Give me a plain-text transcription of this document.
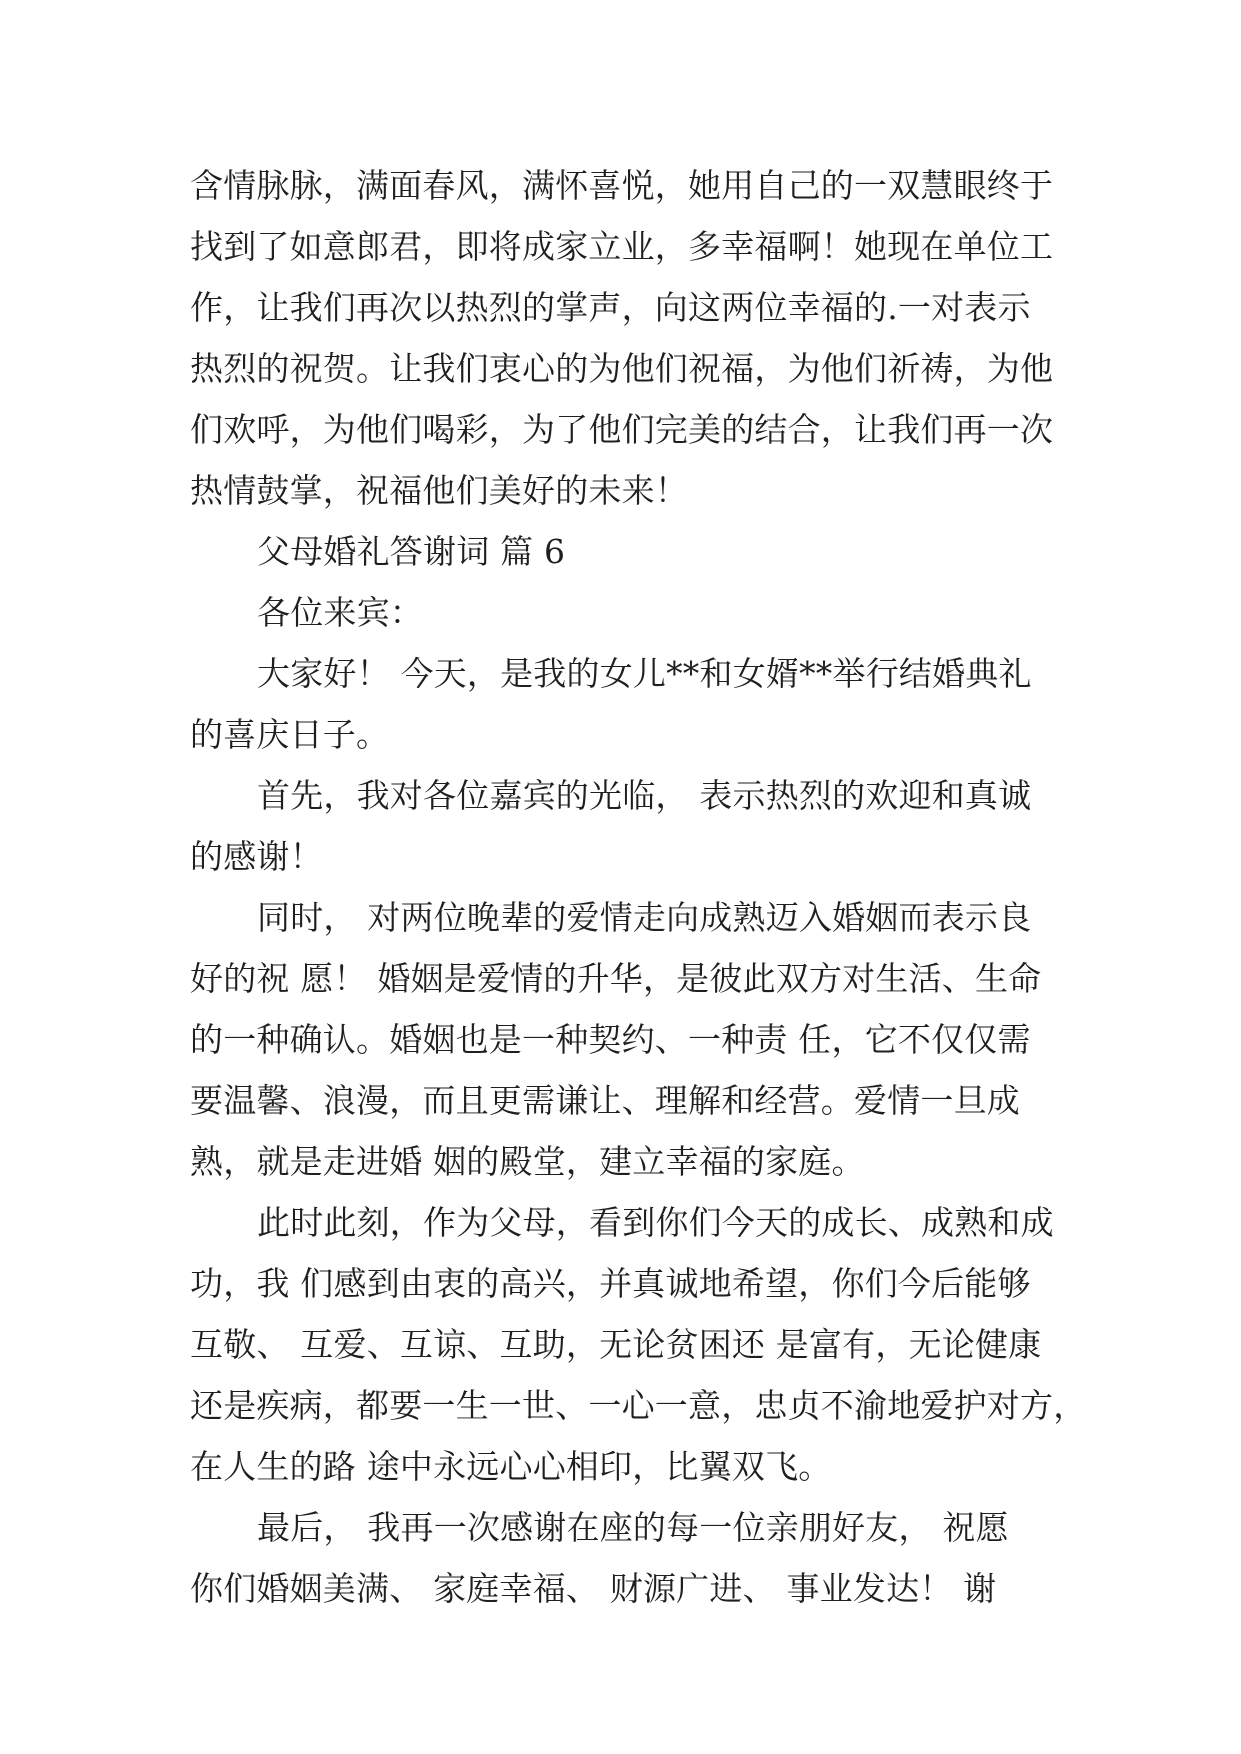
含情脉脉，满面春风，满怀喜悦，她用自己的一双慧眼终于
找到了如意郎君，即将成家立业，多幸福啊！她现在单位工
作，让我们再次以热烈的掌声，向这两位幸福的.一对表示
热烈的祝贺。让我们衷心的为他们祝福，为他们祈祷，为他
们欢呼，为他们喝彩，为了他们完美的结合，让我们再一次
热情鼓掌，祝福他们美好的未来！
父母婚礼答谢词 篇 6
各位来宾：
大家好！ 今天，是我的女儿**和女婿**举行结婚典礼
的喜庆日子。
首先，我对各位嘉宾的光临， 表示热烈的欢迎和真诚
的感谢！
同时， 对两位晚辈的爱情走向成熟迈入婚姻而表示良
好的祝 愿！ 婚姻是爱情的升华，是彼此双方对生活、生命
的一种确认。婚姻也是一种契约、一种责 任，它不仅仅需
要温馨、浪漫，而且更需谦让、理解和经营。爱情一旦成
熟，就是走进婚 姻的殿堂，建立幸福的家庭。
此时此刻，作为父母，看到你们今天的成长、成熟和成
功，我 们感到由衷的高兴，并真诚地希望，你们今后能够
互敬、 互爱、互谅、互助，无论贫困还 是富有，无论健康
还是疾病，都要一生一世、一心一意，忠贞不渝地爱护对方，
在人生的路 途中永远心心相印，比翼双飞。
最后， 我再一次感谢在座的每一位亲朋好友， 祝愿
你们婚姻美满、 家庭幸福、 财源广进、 事业发达！ 谢
